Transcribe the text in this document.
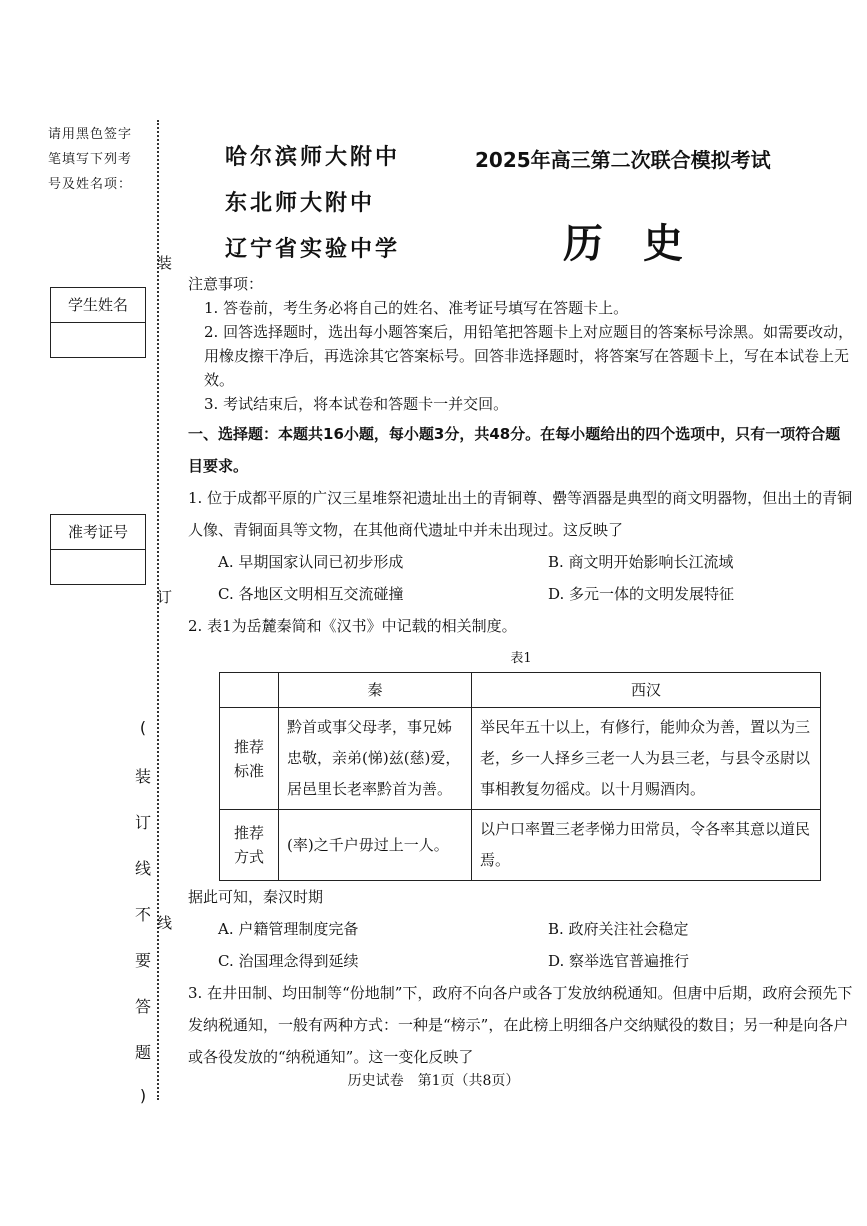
请用黑色签字笔填写下列考号及姓名项：
学生姓名
准考证号
装
订
线
(
装
订
线
不
要
答
题
)
哈尔滨师大附中
东北师大附中
辽宁省实验中学
2025年高三第二次联合模拟考试
历史

注意事项：

1. 答卷前，考生务必将自己的姓名、准考证号填写在答题卡上。

2. 回答选择题时，选出每小题答案后，用铅笔把答题卡上对应题目的答案标号涂黑。如需要改动，用橡皮擦干净后，再选涂其它答案标号。回答非选择题时，将答案写在答题卡上，写在本试卷上无效。

3. 考试结束后，将本试卷和答题卡一并交回。

一、选择题：本题共16小题，每小题3分，共48分。在每小题给出的四个选项中，只有一项符合题目要求。

1. 位于成都平原的广汉三星堆祭祀遗址出土的青铜尊、罍等酒器是典型的商文明器物，但出土的青铜人像、青铜面具等文物，在其他商代遗址中并未出现过。这反映了

A. 早期国家认同已初步形成	B. 商文明开始影响长江流域
C. 各地区文明相互交流碰撞	D. 多元一体的文明发展特征

2. 表1为岳麓秦简和《汉书》中记载的相关制度。

表1
	秦	西汉
推荐标准	黔首或事父母孝，事兄姊忠敬，亲弟(悌)兹(慈)爱，居邑里长老率黔首为善。	举民年五十以上，有修行，能帅众为善，置以为三老，乡一人择乡三老一人为县三老，与县令丞尉以事相教复勿徭戍。以十月赐酒肉。
推荐方式	(率)之千户毋过上一人。	以户口率置三老孝悌力田常员，令各率其意以道民焉。

据此可知，秦汉时期

A. 户籍管理制度完备	B. 政府关注社会稳定
C. 治国理念得到延续	D. 察举选官普遍推行

3. 在井田制、均田制等“份地制”下，政府不向各户或各丁发放纳税通知。但唐中后期，政府会预先下发纳税通知，一般有两种方式：一种是“榜示”，在此榜上明细各户交纳赋役的数目；另一种是向各户或各役发放的“纳税通知”。这一变化反映了

历史试卷　第1页（共8页）
